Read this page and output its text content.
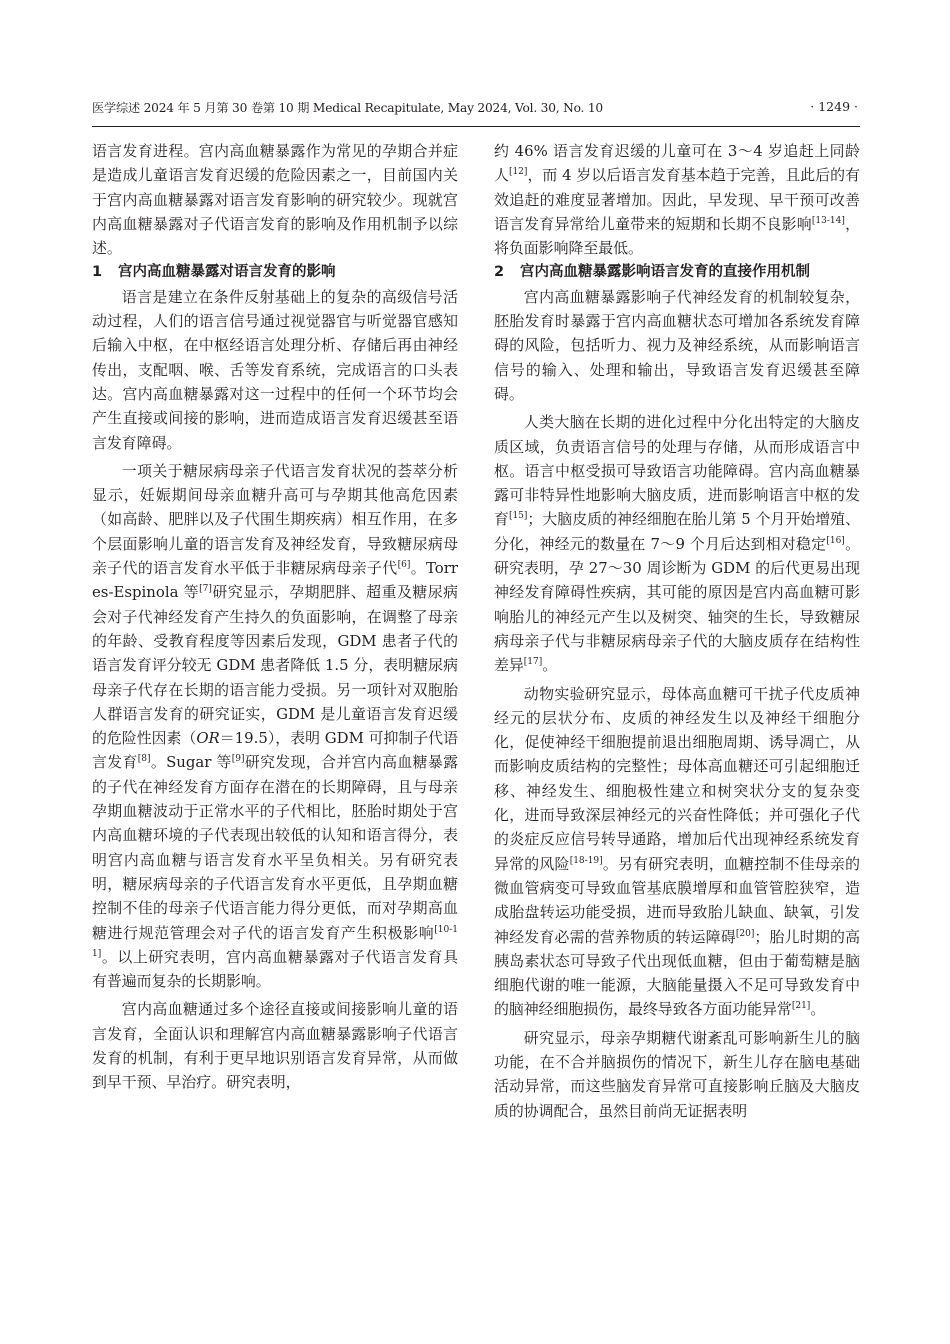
医学综述 2024 年 5 月第 30 卷第 10 期 Medical Recapitulate, May 2024, Vol. 30, No. 10	· 1249 ·

语言发育进程。宫内高血糖暴露作为常见的孕期合并症是造成儿童语言发育迟缓的危险因素之一，目前国内关于宫内高血糖暴露对语言发育影响的研究较少。现就宫内高血糖暴露对子代语言发育的影响及作用机制予以综述。

1 宫内高血糖暴露对语言发育的影响

语言是建立在条件反射基础上的复杂的高级信号活动过程，人们的语言信号通过视觉器官与听觉器官感知后输入中枢，在中枢经语言处理分析、存储后再由神经传出，支配咽、喉、舌等发育系统，完成语言的口头表达。宫内高血糖暴露对这一过程中的任何一个环节均会产生直接或间接的影响，进而造成语言发育迟缓甚至语言发育障碍。

一项关于糖尿病母亲子代语言发育状况的荟萃分析显示，妊娠期间母亲血糖升高可与孕期其他高危因素（如高龄、肥胖以及子代围生期疾病）相互作用，在多个层面影响儿童的语言发育及神经发育，导致糖尿病母亲子代的语言发育水平低于非糖尿病母亲子代[6]。Torres-Espinola 等[7]研究显示，孕期肥胖、超重及糖尿病会对子代神经发育产生持久的负面影响，在调整了母亲的年龄、受教育程度等因素后发现，GDM 患者子代的语言发育评分较无 GDM 患者降低 1.5 分，表明糖尿病母亲子代存在长期的语言能力受损。另一项针对双胞胎人群语言发育的研究证实，GDM 是儿童语言发育迟缓的危险性因素（OR＝19.5），表明 GDM 可抑制子代语言发育[8]。Sugar 等[9]研究发现，合并宫内高血糖暴露的子代在神经发育方面存在潜在的长期障碍，且与母亲孕期血糖波动于正常水平的子代相比，胚胎时期处于宫内高血糖环境的子代表现出较低的认知和语言得分，表明宫内高血糖与语言发育水平呈负相关。另有研究表明，糖尿病母亲的子代语言发育水平更低，且孕期血糖控制不佳的母亲子代语言能力得分更低，而对孕期高血糖进行规范管理会对子代的语言发育产生积极影响[10-11]。以上研究表明，宫内高血糖暴露对子代语言发育具有普遍而复杂的长期影响。

宫内高血糖通过多个途径直接或间接影响儿童的语言发育，全面认识和理解宫内高血糖暴露影响子代语言发育的机制，有利于更早地识别语言发育异常，从而做到早干预、早治疗。研究表明，

约 46% 语言发育迟缓的儿童可在 3～4 岁追赶上同龄人[12]，而 4 岁以后语言发育基本趋于完善，且此后的有效追赶的难度显著增加。因此，早发现、早干预可改善语言发育异常给儿童带来的短期和长期不良影响[13-14]，将负面影响降至最低。

2 宫内高血糖暴露影响语言发育的直接作用机制

宫内高血糖暴露影响子代神经发育的机制较复杂，胚胎发育时暴露于宫内高血糖状态可增加各系统发育障碍的风险，包括听力、视力及神经系统，从而影响语言信号的输入、处理和输出，导致语言发育迟缓甚至障碍。

人类大脑在长期的进化过程中分化出特定的大脑皮质区域，负责语言信号的处理与存储，从而形成语言中枢。语言中枢受损可导致语言功能障碍。宫内高血糖暴露可非特异性地影响大脑皮质，进而影响语言中枢的发育[15]；大脑皮质的神经细胞在胎儿第 5 个月开始增殖、分化，神经元的数量在 7～9 个月后达到相对稳定[16]。研究表明，孕 27～30 周诊断为 GDM 的后代更易出现神经发育障碍性疾病，其可能的原因是宫内高血糖可影响胎儿的神经元产生以及树突、轴突的生长，导致糖尿病母亲子代与非糖尿病母亲子代的大脑皮质存在结构性差异[17]。

动物实验研究显示，母体高血糖可干扰子代皮质神经元的层状分布、皮质的神经发生以及神经干细胞分化，促使神经干细胞提前退出细胞周期、诱导凋亡，从而影响皮质结构的完整性；母体高血糖还可引起细胞迁移、神经发生、细胞极性建立和树突状分支的复杂变化，进而导致深层神经元的兴奋性降低；并可强化子代的炎症反应信号转导通路，增加后代出现神经系统发育异常的风险[18-19]。另有研究表明，血糖控制不佳母亲的微血管病变可导致血管基底膜增厚和血管管腔狭窄，造成胎盘转运功能受损，进而导致胎儿缺血、缺氧，引发神经发育必需的营养物质的转运障碍[20]；胎儿时期的高胰岛素状态可导致子代出现低血糖，但由于葡萄糖是脑细胞代谢的唯一能源，大脑能量摄入不足可导致发育中的脑神经细胞损伤，最终导致各方面功能异常[21]。

研究显示，母亲孕期糖代谢紊乱可影响新生儿的脑功能，在不合并脑损伤的情况下，新生儿存在脑电基础活动异常，而这些脑发育异常可直接影响丘脑及大脑皮质的协调配合，虽然目前尚无证据表明
